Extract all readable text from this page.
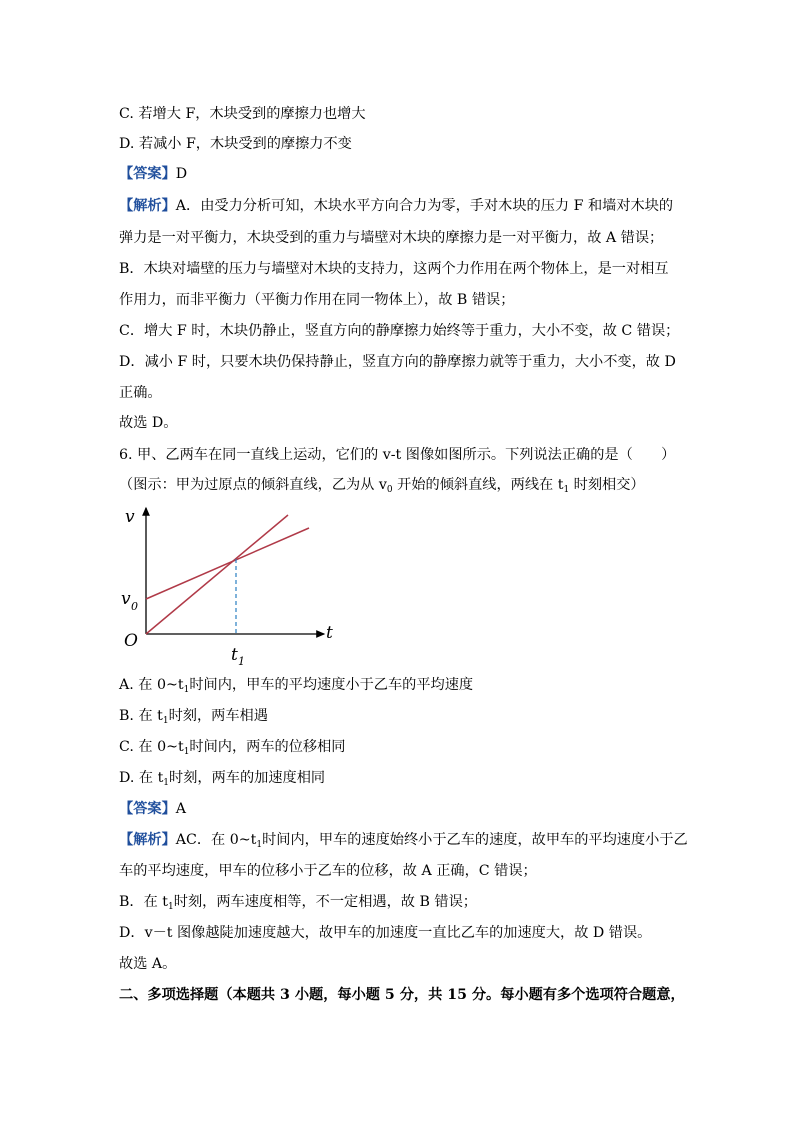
C. 若增大 F，木块受到的摩擦力也增大
D. 若减小 F，木块受到的摩擦力不变
【答案】D
【解析】A．由受力分析可知，木块水平方向合力为零，手对木块的压力 F 和墙对木块的
弹力是一对平衡力，木块受到的重力与墙壁对木块的摩擦力是一对平衡力，故 A 错误；
B．木块对墙壁的压力与墙壁对木块的支持力，这两个力作用在两个物体上，是一对相互
作用力，而非平衡力（平衡力作用在同一物体上），故 B 错误；
C．增大 F 时，木块仍静止，竖直方向的静摩擦力始终等于重力，大小不变，故 C 错误；
D．减小 F 时，只要木块仍保持静止，竖直方向的静摩擦力就等于重力，大小不变，故 D
正确。
故选 D。
6. 甲、乙两车在同一直线上运动，它们的 v-t 图像如图所示。下列说法正确的是（　　）
（图示：甲为过原点的倾斜直线，乙为从 $v_0$ 开始的倾斜直线，两线在 $t_1$ 时刻相交）
v
t
O
v 0
t 1
A. 在 $0\sim t_1$时间内，甲车的平均速度小于乙车的平均速度
B. 在 $t_1$时刻，两车相遇
C. 在 $0\sim t_1$时间内，两车的位移相同
D. 在 $t_1$时刻，两车的加速度相同
【答案】A
【解析】AC．在 $0\sim t_1$时间内，甲车的速度始终小于乙车的速度，故甲车的平均速度小于乙
车的平均速度，甲车的位移小于乙车的位移，故 A 正确，C 错误；
B．在 $t_1$时刻，两车速度相等，不一定相遇，故 B 错误；
D．v－t 图像越陡加速度越大，故甲车的加速度一直比乙车的加速度大，故 D 错误。
故选 A。
二、多项选择题（本题共 3 小题，每小题 5 分，共 15 分。每小题有多个选项符合题意，
